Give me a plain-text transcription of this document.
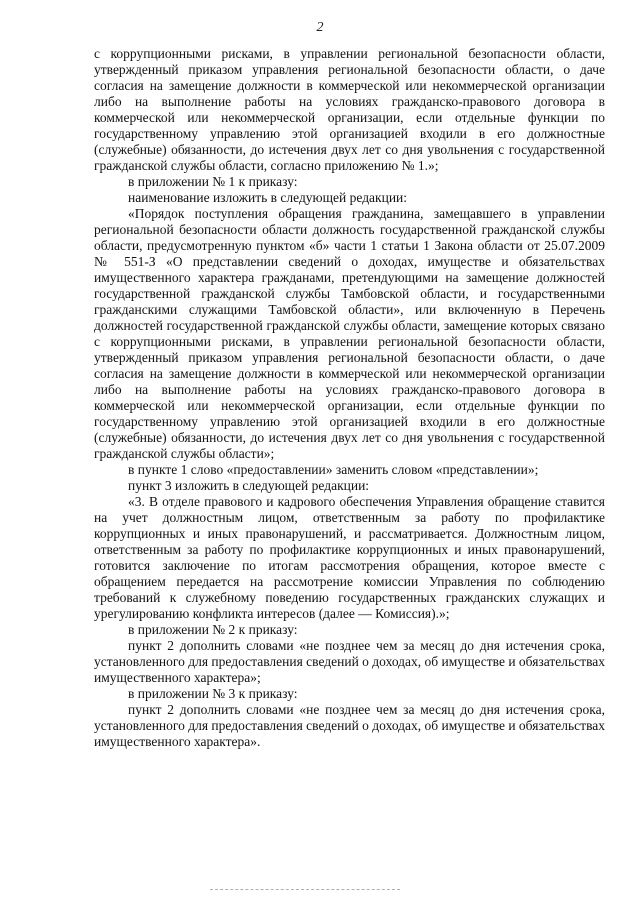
2

с коррупционными рисками, в управлении региональной безопасности области, утвержденный приказом управления региональной безопасности области, о даче согласия на замещение должности в коммерческой или некоммерческой организации либо на выполнение работы на условиях гражданско-правового договора в коммерческой или некоммерческой организации, если отдельные функции по государственному управлению этой организацией входили в его должностные (служебные) обязанности, до истечения двух лет со дня увольнения с государственной гражданской службы области, согласно приложению № 1.»;

в приложении № 1 к приказу:

наименование изложить в следующей редакции:

«Порядок поступления обращения гражданина, замещавшего в управлении региональной безопасности области должность государственной гражданской службы области, предусмотренную пунктом «б» части 1 статьи 1 Закона области от 25.07.2009 № 551-З «О представлении сведений о доходах, имуществе и обязательствах имущественного характера гражданами, претендующими на замещение должностей государственной гражданской службы Тамбовской области, и государственными гражданскими служащими Тамбовской области», или включенную в Перечень должностей государственной гражданской службы области, замещение которых связано с коррупционными рисками, в управлении региональной безопасности области, утвержденный приказом управления региональной безопасности области, о даче согласия на замещение должности в коммерческой или некоммерческой организации либо на выполнение работы на условиях гражданско-правового договора в коммерческой или некоммерческой организации, если отдельные функции по государственному управлению этой организацией входили в его должностные (служебные) обязанности, до истечения двух лет со дня увольнения с государственной гражданской службы области»;

в пункте 1 слово «предоставлении» заменить словом «представлении»;

пункт 3 изложить в следующей редакции:

«3. В отделе правового и кадрового обеспечения Управления обращение ставится на учет должностным лицом, ответственным за работу по профилактике коррупционных и иных правонарушений, и рассматривается. Должностным лицом, ответственным за работу по профилактике коррупционных и иных правонарушений, готовится заключение по итогам рассмотрения обращения, которое вместе с обращением передается на рассмотрение комиссии Управления по соблюдению требований к служебному поведению государственных гражданских служащих и урегулированию конфликта интересов (далее — Комиссия).»;

в приложении № 2 к приказу:

пункт 2 дополнить словами «не позднее чем за месяц до дня истечения срока, установленного для предоставления сведений о доходах, об имуществе и обязательствах имущественного характера»;

в приложении № 3 к приказу:

пункт 2 дополнить словами «не позднее чем за месяц до дня истечения срока, установленного для предоставления сведений о доходах, об имуществе и обязательствах имущественного характера».
